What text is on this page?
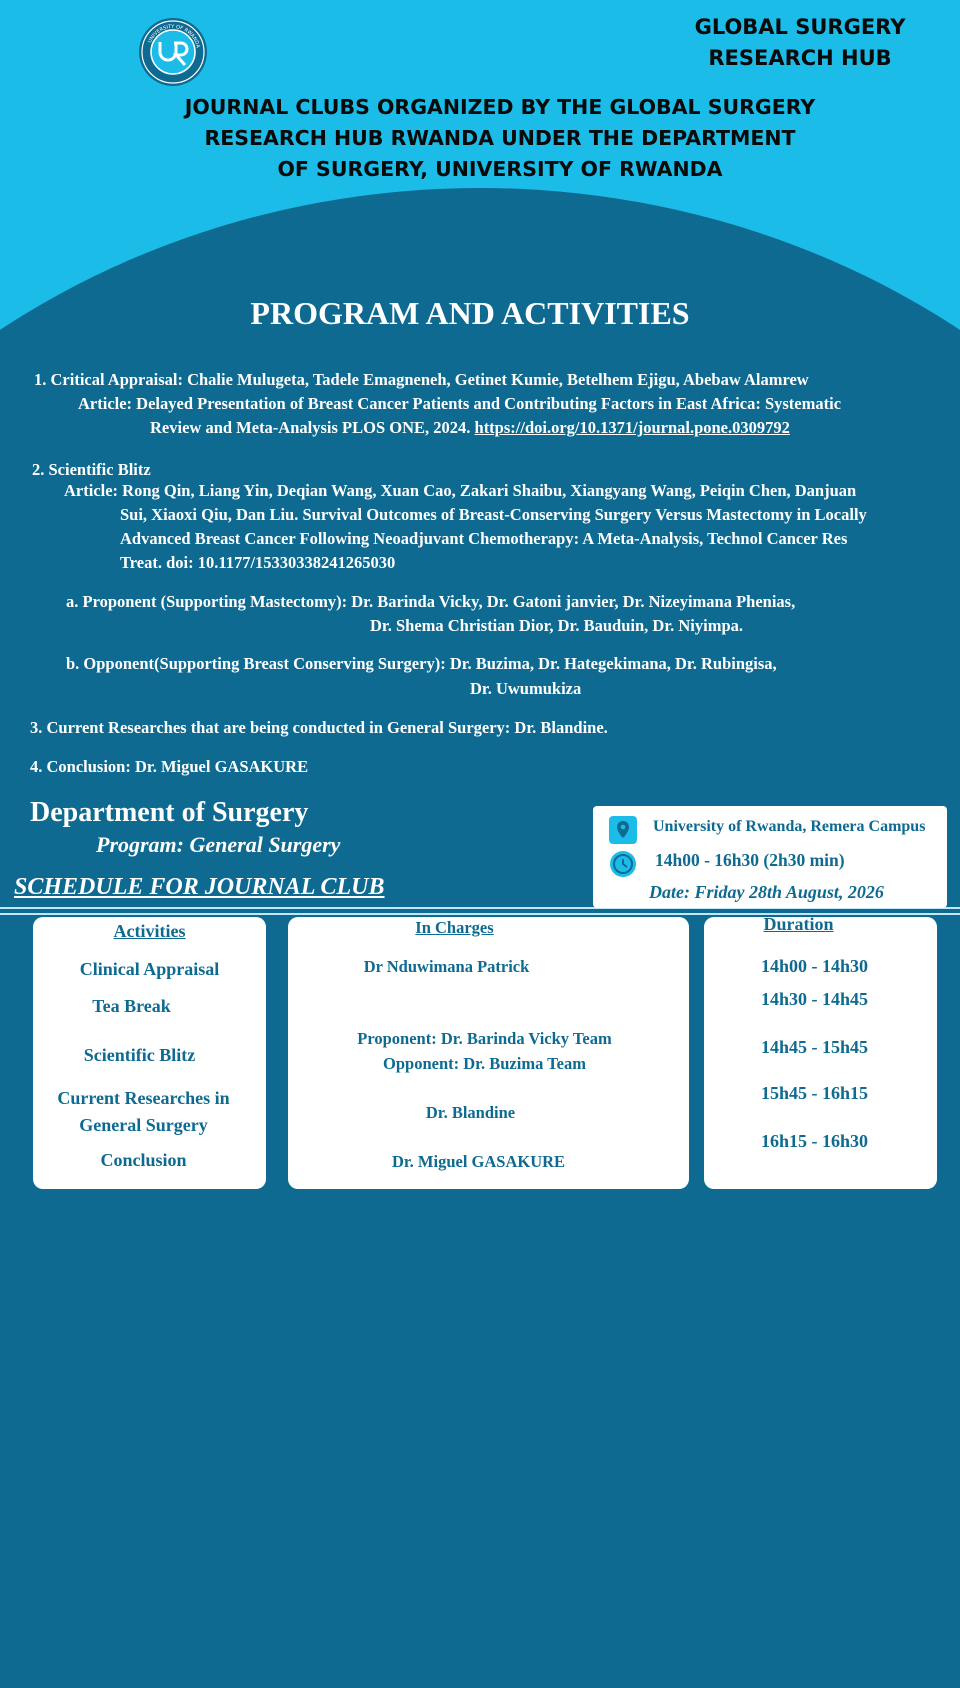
UNIVERSITY OF RWANDA
GLOBAL SURGERY
RESEARCH HUB
JOURNAL CLUBS ORGANIZED BY THE GLOBAL SURGERY
RESEARCH HUB RWANDA UNDER THE DEPARTMENT
OF SURGERY, UNIVERSITY OF RWANDA
PROGRAM AND ACTIVITIES
1. Critical Appraisal: Chalie Mulugeta, Tadele Emagneneh, Getinet Kumie, Betelhem Ejigu, Abebaw Alamrew
Article: Delayed Presentation of Breast Cancer Patients and Contributing Factors in East Africa: Systematic
Review and Meta-Analysis PLOS ONE, 2024. https://doi.org/10.1371/journal.pone.0309792
2. Scientific Blitz
Article: Rong Qin, Liang Yin, Deqian Wang, Xuan Cao, Zakari Shaibu, Xiangyang Wang, Peiqin Chen, Danjuan
Sui, Xiaoxi Qiu, Dan Liu. Survival Outcomes of Breast-Conserving Surgery Versus Mastectomy in Locally
Advanced Breast Cancer Following Neoadjuvant Chemotherapy: A Meta-Analysis, Technol Cancer Res
Treat. doi: 10.1177/15330338241265030
a. Proponent (Supporting Mastectomy): Dr. Barinda Vicky, Dr. Gatoni janvier, Dr. Nizeyimana Phenias,
Dr. Shema Christian Dior, Dr. Bauduin, Dr. Niyimpa.
b. Opponent(Supporting Breast Conserving Surgery): Dr. Buzima, Dr. Hategekimana, Dr. Rubingisa,
Dr. Uwumukiza
3. Current Researches that are being conducted in General Surgery: Dr. Blandine.
4. Conclusion: Dr. Miguel GASAKURE
Department of Surgery
Program: General Surgery
SCHEDULE FOR JOURNAL CLUB
University of Rwanda, Remera Campus
14h00 - 16h30 (2h30 min)
Date: Friday 28th August, 2026
Activities
Clinical Appraisal
Tea Break
Scientific Blitz
Current Researches in
General Surgery
Conclusion
In Charges
Dr Nduwimana Patrick
Proponent: Dr. Barinda Vicky Team
Opponent: Dr. Buzima Team
Dr. Blandine
Dr. Miguel GASAKURE
Duration
14h00 - 14h30
14h30 - 14h45
14h45 - 15h45
15h45 - 16h15
16h15 - 16h30
